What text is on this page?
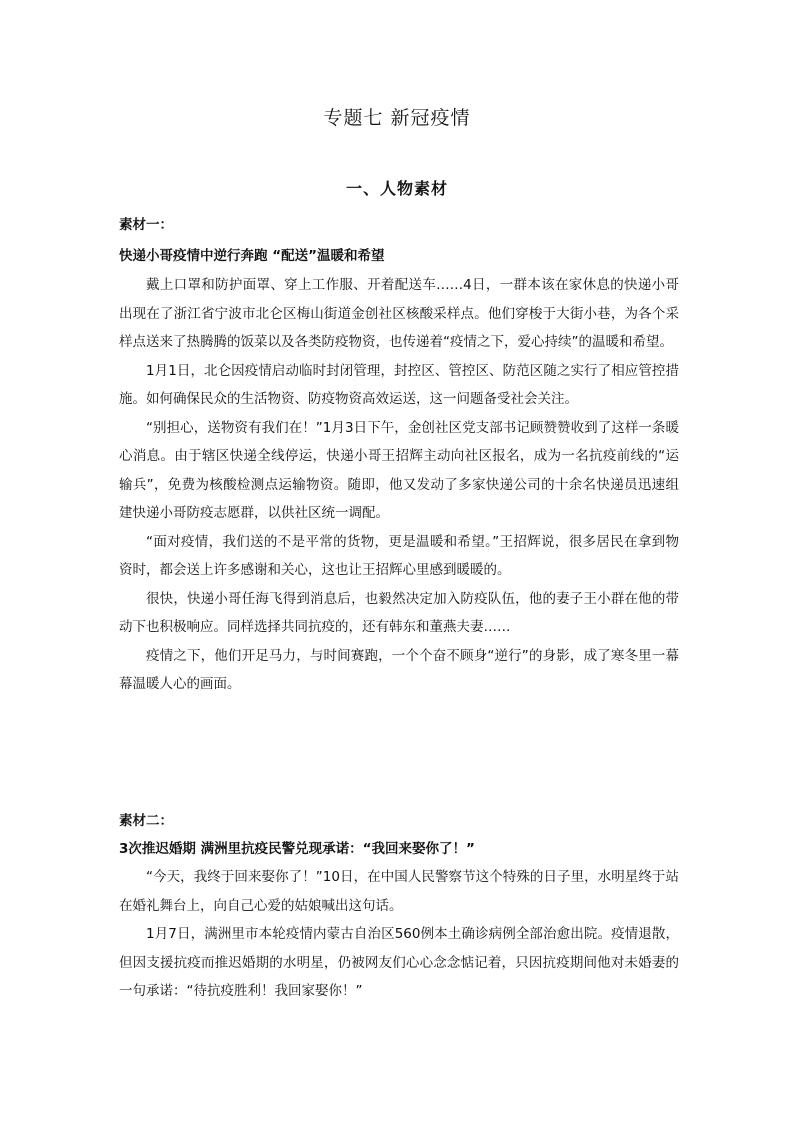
专题七 新冠疫情
一、人物素材

素材一：

快递小哥疫情中逆行奔跑 “配送”温暖和希望

戴上口罩和防护面罩、穿上工作服、开着配送车……4日，一群本该在家休息的快递小哥出现在了浙江省宁波市北仑区梅山街道金创社区核酸采样点。他们穿梭于大街小巷，为各个采样点送来了热腾腾的饭菜以及各类防疫物资，也传递着“疫情之下，爱心持续”的温暖和希望。

1月1日，北仑因疫情启动临时封闭管理，封控区、管控区、防范区随之实行了相应管控措施。如何确保民众的生活物资、防疫物资高效运送，这一问题备受社会关注。

“别担心，送物资有我们在！”1月3日下午，金创社区党支部书记顾赞赞收到了这样一条暖心消息。由于辖区快递全线停运，快递小哥王招辉主动向社区报名，成为一名抗疫前线的“运输兵”，免费为核酸检测点运输物资。随即，他又发动了多家快递公司的十余名快递员迅速组建快递小哥防疫志愿群，以供社区统一调配。

“面对疫情，我们送的不是平常的货物，更是温暖和希望。”王招辉说，很多居民在拿到物资时，都会送上许多感谢和关心，这也让王招辉心里感到暖暖的。

很快，快递小哥任海飞得到消息后，也毅然决定加入防疫队伍，他的妻子王小群在他的带动下也积极响应。同样选择共同抗疫的，还有韩东和董燕夫妻……

疫情之下，他们开足马力，与时间赛跑，一个个奋不顾身“逆行”的身影，成了寒冬里一幕幕温暖人心的画面。

素材二：

3次推迟婚期 满洲里抗疫民警兑现承诺：“我回来娶你了！”

“今天，我终于回来娶你了！”10日，在中国人民警察节这个特殊的日子里，水明星终于站在婚礼舞台上，向自己心爱的姑娘喊出这句话。

1月7日，满洲里市本轮疫情内蒙古自治区560例本土确诊病例全部治愈出院。疫情退散，但因支援抗疫而推迟婚期的水明星，仍被网友们心心念念惦记着，只因抗疫期间他对未婚妻的一句承诺：“待抗疫胜利！我回家娶你！”
